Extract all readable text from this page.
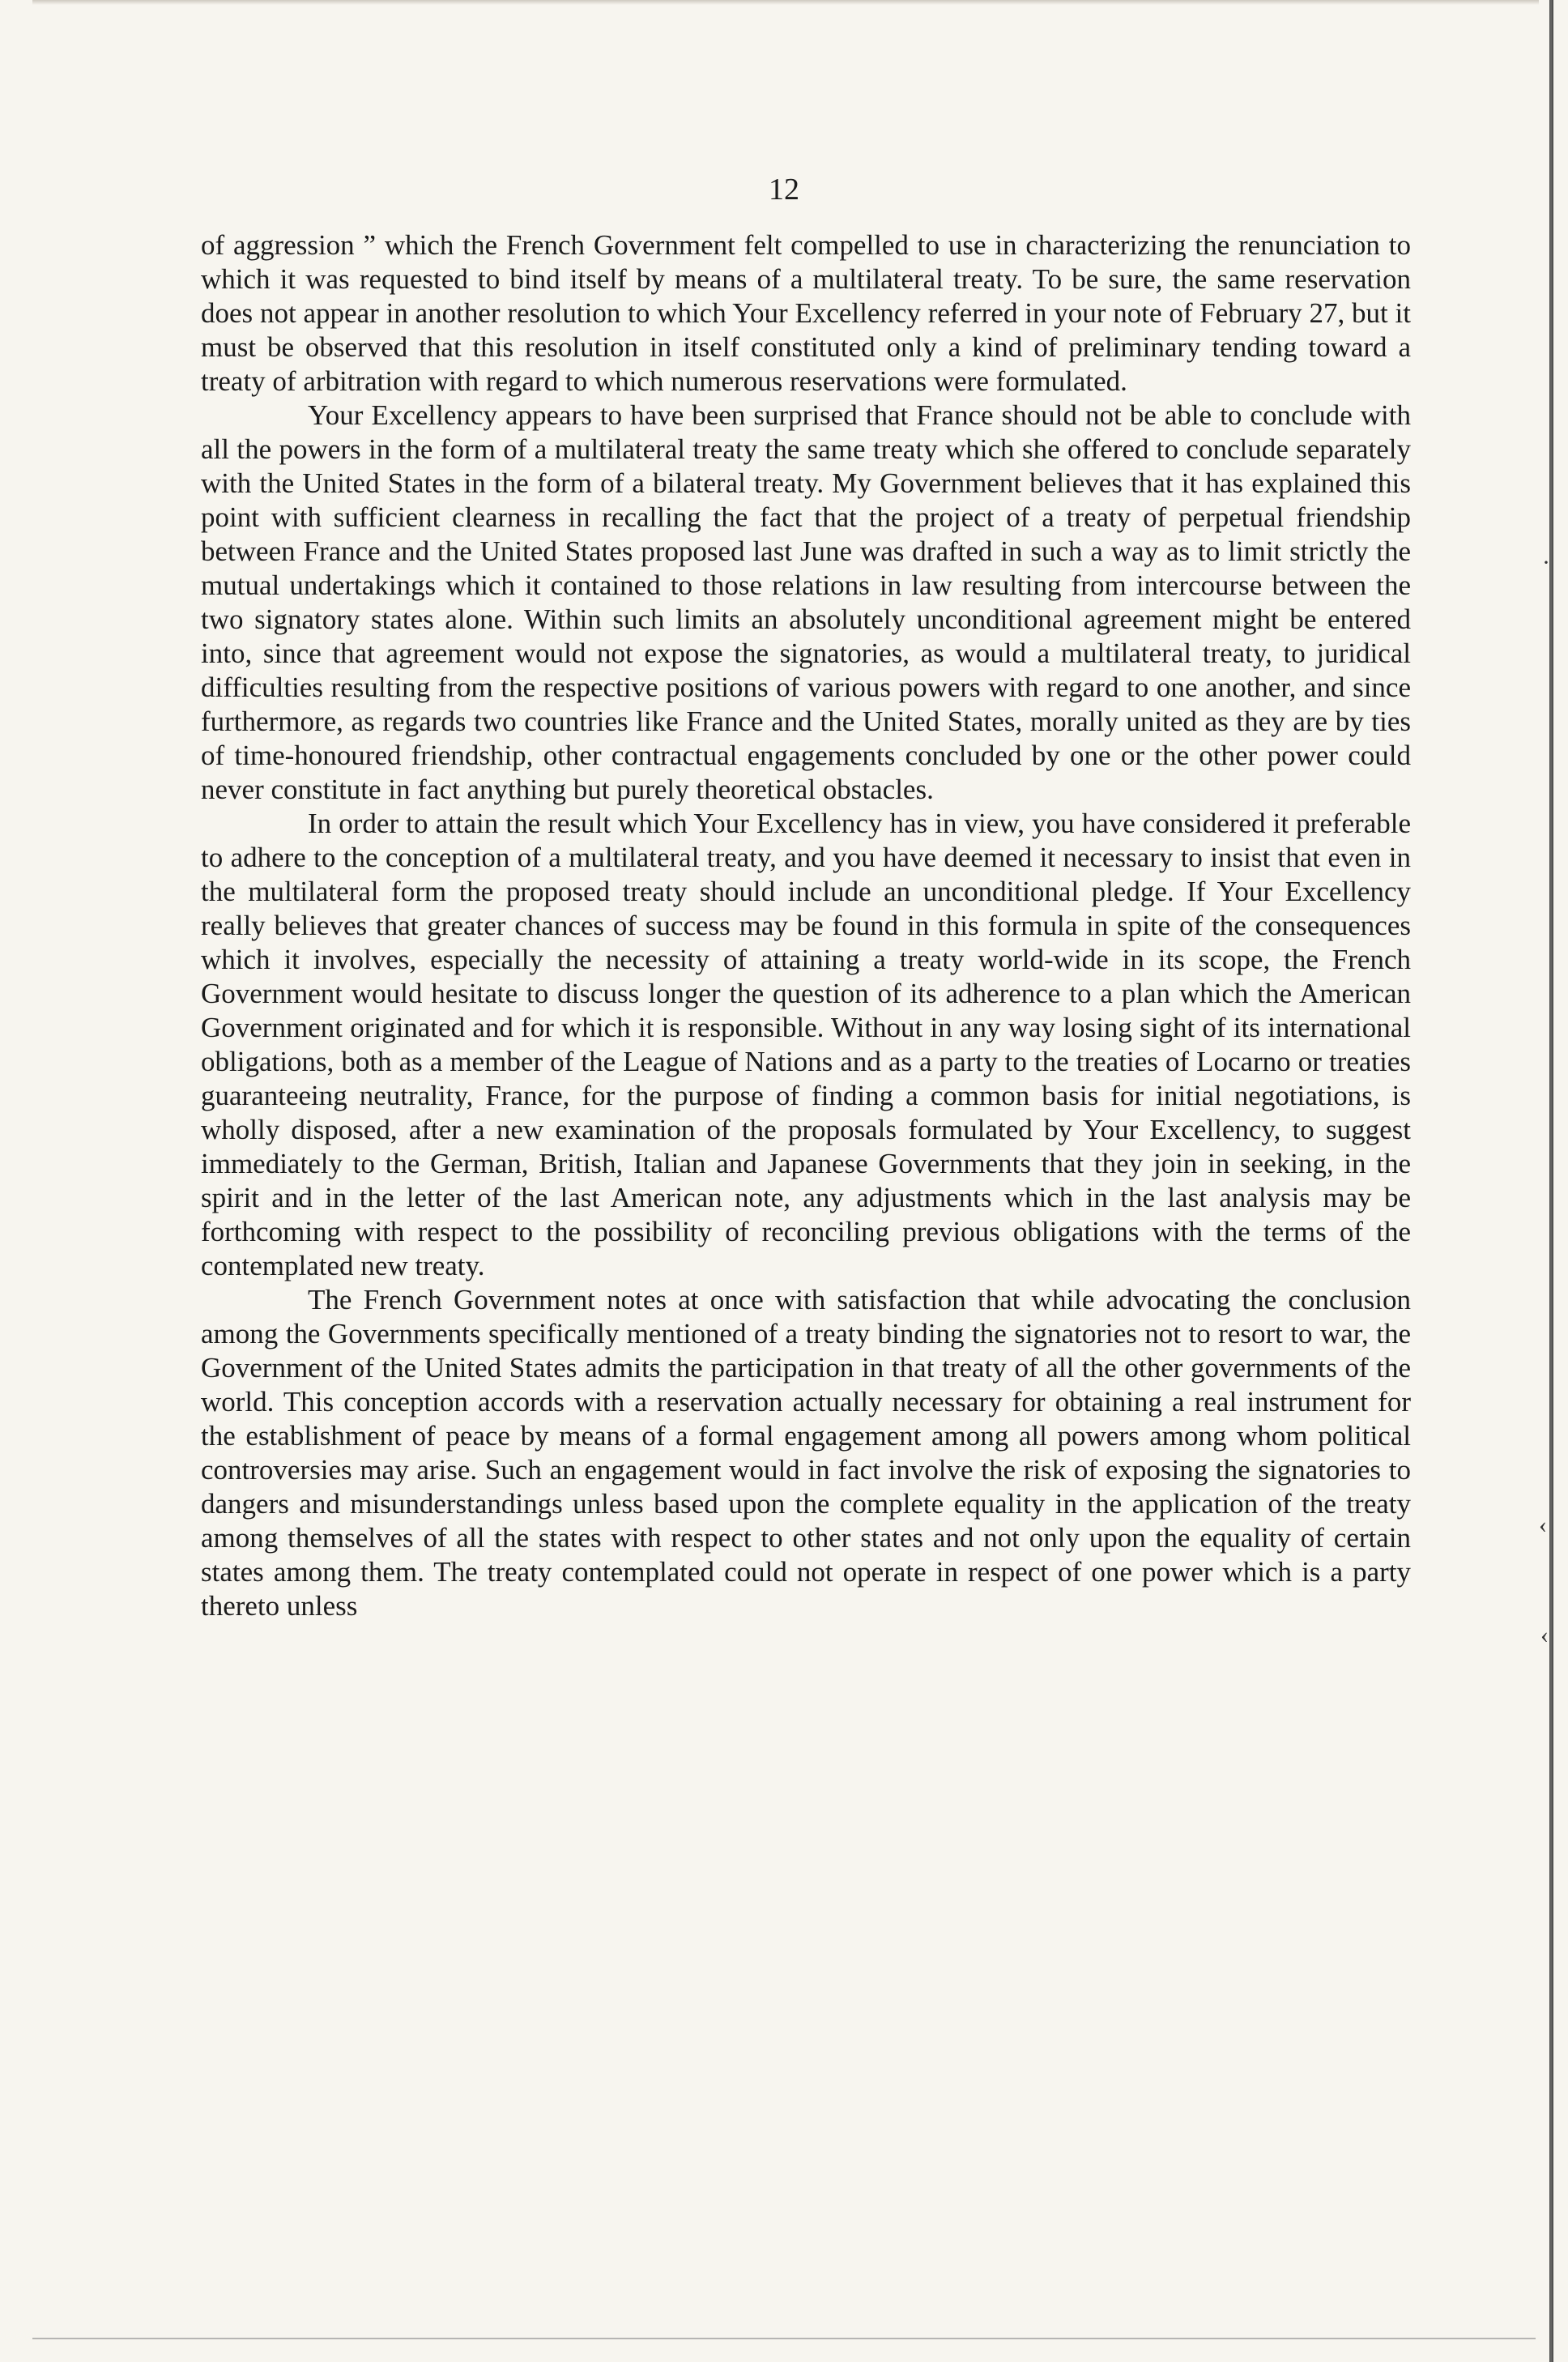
12

of aggression ” which the French Government felt compelled to use in characterizing the renunciation to which it was requested to bind itself by means of a multilateral treaty. To be sure, the same reservation does not appear in another resolution to which Your Excellency referred in your note of February 27, but it must be observed that this resolution in itself constituted only a kind of preliminary tending toward a treaty of arbitration with regard to which numerous reservations were formulated.

Your Excellency appears to have been surprised that France should not be able to conclude with all the powers in the form of a multilateral treaty the same treaty which she offered to conclude separately with the United States in the form of a bilateral treaty. My Government believes that it has explained this point with sufficient clearness in recalling the fact that the project of a treaty of perpetual friendship between France and the United States proposed last June was drafted in such a way as to limit strictly the mutual undertakings which it contained to those relations in law resulting from intercourse between the two signatory states alone. Within such limits an absolutely unconditional agreement might be entered into, since that agreement would not expose the signatories, as would a multilateral treaty, to juridical difficulties resulting from the respective positions of various powers with regard to one another, and since furthermore, as regards two countries like France and the United States, morally united as they are by ties of time-honoured friendship, other contractual engagements concluded by one or the other power could never constitute in fact anything but purely theoretical obstacles.

In order to attain the result which Your Excellency has in view, you have considered it preferable to adhere to the conception of a multilateral treaty, and you have deemed it necessary to insist that even in the multilateral form the proposed treaty should include an unconditional pledge. If Your Excellency really believes that greater chances of success may be found in this formula in spite of the consequences which it involves, especially the necessity of attaining a treaty world-wide in its scope, the French Government would hesitate to discuss longer the question of its adherence to a plan which the American Government originated and for which it is responsible. Without in any way losing sight of its international obligations, both as a member of the League of Nations and as a party to the treaties of Locarno or treaties guaranteeing neutrality, France, for the purpose of finding a common basis for initial negotiations, is wholly disposed, after a new examination of the proposals formulated by Your Excellency, to suggest immediately to the German, British, Italian and Japanese Governments that they join in seeking, in the spirit and in the letter of the last American note, any adjustments which in the last analysis may be forthcoming with respect to the possibility of reconciling previous obligations with the terms of the contemplated new treaty.

The French Government notes at once with satisfaction that while advocating the conclusion among the Governments specifically mentioned of a treaty binding the signatories not to resort to war, the Government of the United States admits the participation in that treaty of all the other governments of the world. This conception accords with a reservation actually necessary for obtaining a real instrument for the establishment of peace by means of a formal engagement among all powers among whom political controversies may arise. Such an engagement would in fact involve the risk of exposing the signatories to dangers and misunderstandings unless based upon the complete equality in the application of the treaty among themselves of all the states with respect to other states and not only upon the equality of certain states among them. The treaty contemplated could not operate in respect of one power which is a party thereto unless

·
‹
‹
